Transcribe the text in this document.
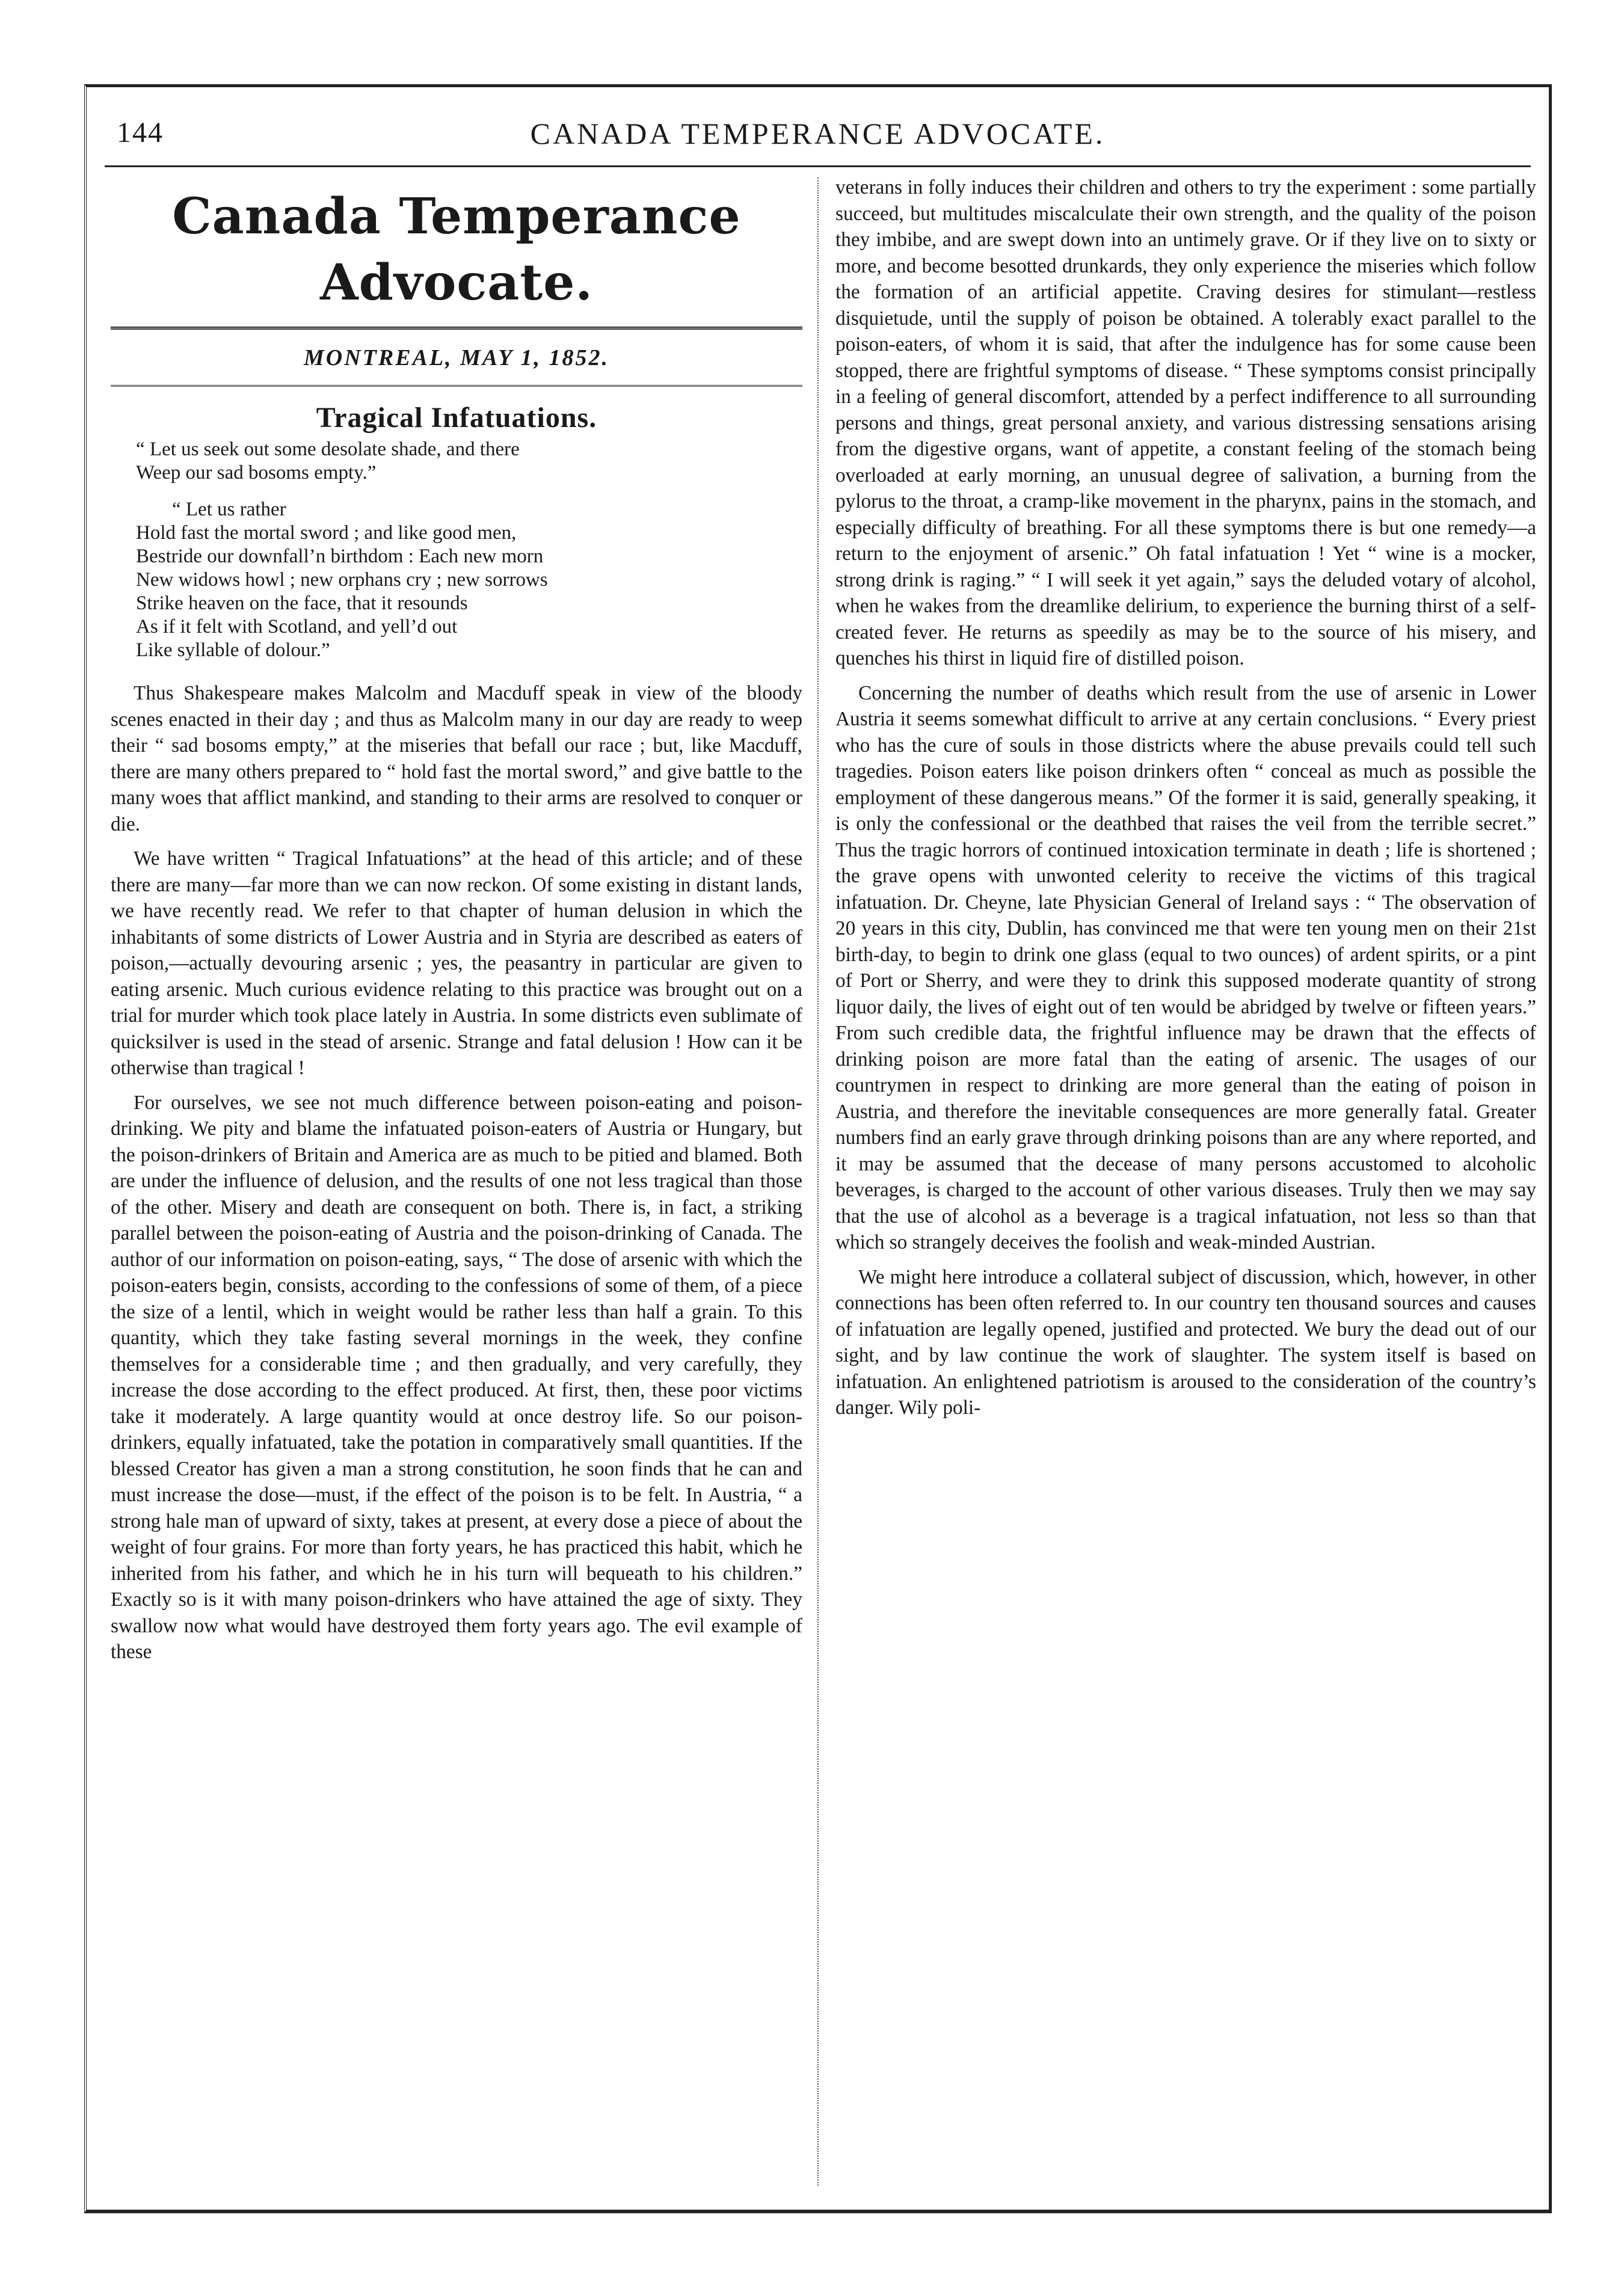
144	CANADA TEMPERANCE ADVOCATE.
Canada Temperance Advocate.
MONTREAL, MAY 1, 1852.
Tragical Infatuations.
“ Let us seek out some desolate shade, and there
Weep our sad bosoms empty.”
“ Let us rather
Hold fast the mortal sword ; and like good men,
Bestride our downfall’n birthdom : Each new morn
New widows howl ; new orphans cry ; new sorrows
Strike heaven on the face, that it resounds
As if it felt with Scotland, and yell’d out
Like syllable of dolour.”

Thus Shakespeare makes Malcolm and Macduff speak in view of the bloody scenes enacted in their day ; and thus as Malcolm many in our day are ready to weep their “ sad bosoms empty,” at the miseries that befall our race ; but, like Macduff, there are many others prepared to “ hold fast the mortal sword,” and give battle to the many woes that afflict mankind, and standing to their arms are resolved to conquer or die.

We have written “ Tragical Infatuations” at the head of this article; and of these there are many—far more than we can now reckon. Of some existing in distant lands, we have recently read. We refer to that chapter of human delusion in which the inhabitants of some districts of Lower Austria and in Styria are described as eaters of poison,—actually devouring arsenic ; yes, the peasantry in particular are given to eating arsenic. Much curious evidence relating to this practice was brought out on a trial for murder which took place lately in Austria. In some districts even sublimate of quicksilver is used in the stead of arsenic. Strange and fatal delusion ! How can it be otherwise than tragical !

For ourselves, we see not much difference between poison-eating and poison-drinking. We pity and blame the infatuated poison-eaters of Austria or Hungary, but the poison-drinkers of Britain and America are as much to be pitied and blamed. Both are under the influence of delusion, and the results of one not less tragical than those of the other. Misery and death are consequent on both. There is, in fact, a striking parallel between the poison-eating of Austria and the poison-drinking of Canada. The author of our information on poison-eating, says, “ The dose of arsenic with which the poison-eaters begin, consists, according to the confessions of some of them, of a piece the size of a lentil, which in weight would be rather less than half a grain. To this quantity, which they take fasting several mornings in the week, they confine themselves for a considerable time ; and then gradually, and very carefully, they increase the dose according to the effect produced. At first, then, these poor victims take it moderately. A large quantity would at once destroy life. So our poison-drinkers, equally infatuated, take the potation in comparatively small quantities. If the blessed Creator has given a man a strong constitution, he soon finds that he can and must increase the dose—must, if the effect of the poison is to be felt. In Austria, “ a strong hale man of upward of sixty, takes at present, at every dose a piece of about the weight of four grains. For more than forty years, he has practiced this habit, which he inherited from his father, and which he in his turn will bequeath to his children.” Exactly so is it with many poison-drinkers who have attained the age of sixty. They swallow now what would have destroyed them forty years ago. The evil example of these

veterans in folly induces their children and others to try the experiment : some partially succeed, but multitudes miscalculate their own strength, and the quality of the poison they imbibe, and are swept down into an untimely grave. Or if they live on to sixty or more, and become besotted drunkards, they only experience the miseries which follow the formation of an artificial appetite. Craving desires for stimulant—restless disquietude, until the supply of poison be obtained. A tolerably exact parallel to the poison-eaters, of whom it is said, that after the indulgence has for some cause been stopped, there are frightful symptoms of disease. “ These symptoms consist principally in a feeling of general discomfort, attended by a perfect indifference to all surrounding persons and things, great personal anxiety, and various distressing sensations arising from the digestive organs, want of appetite, a constant feeling of the stomach being overloaded at early morning, an unusual degree of salivation, a burning from the pylorus to the throat, a cramp-like movement in the pharynx, pains in the stomach, and especially difficulty of breathing. For all these symptoms there is but one remedy—a return to the enjoyment of arsenic.” Oh fatal infatuation ! Yet “ wine is a mocker, strong drink is raging.” “ I will seek it yet again,” says the deluded votary of alcohol, when he wakes from the dreamlike delirium, to experience the burning thirst of a self-created fever. He returns as speedily as may be to the source of his misery, and quenches his thirst in liquid fire of distilled poison.

Concerning the number of deaths which result from the use of arsenic in Lower Austria it seems somewhat difficult to arrive at any certain conclusions. “ Every priest who has the cure of souls in those districts where the abuse prevails could tell such tragedies. Poison eaters like poison drinkers often “ conceal as much as possible the employment of these dangerous means.” Of the former it is said, generally speaking, it is only the confessional or the deathbed that raises the veil from the terrible secret.” Thus the tragic horrors of continued intoxication terminate in death ; life is shortened ; the grave opens with unwonted celerity to receive the victims of this tragical infatuation. Dr. Cheyne, late Physician General of Ireland says : “ The observation of 20 years in this city, Dublin, has convinced me that were ten young men on their 21st birth-day, to begin to drink one glass (equal to two ounces) of ardent spirits, or a pint of Port or Sherry, and were they to drink this supposed moderate quantity of strong liquor daily, the lives of eight out of ten would be abridged by twelve or fifteen years.” From such credible data, the frightful influence may be drawn that the effects of drinking poison are more fatal than the eating of arsenic. The usages of our countrymen in respect to drinking are more general than the eating of poison in Austria, and therefore the inevitable consequences are more generally fatal. Greater numbers find an early grave through drinking poisons than are any where reported, and it may be assumed that the decease of many persons accustomed to alcoholic beverages, is charged to the account of other various diseases. Truly then we may say that the use of alcohol as a beverage is a tragical infatuation, not less so than that which so strangely deceives the foolish and weak-minded Austrian.

We might here introduce a collateral subject of discussion, which, however, in other connections has been often referred to. In our country ten thousand sources and causes of infatuation are legally opened, justified and protected. We bury the dead out of our sight, and by law continue the work of slaughter. The system itself is based on infatuation. An enlightened patriotism is aroused to the consideration of the country’s danger. Wily poli-
